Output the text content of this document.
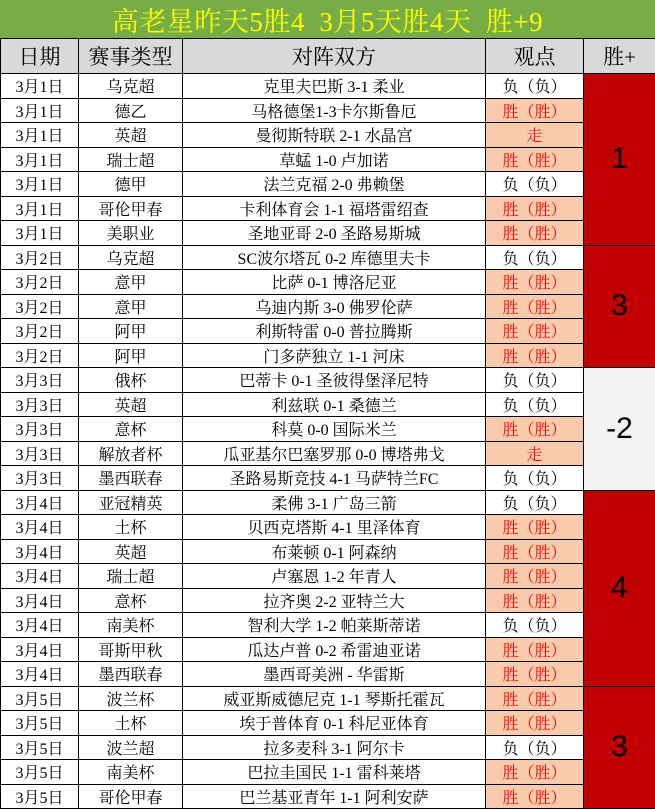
高老星昨天5胜4  3月5天胜4天  胜+9
日期	赛事类型	对阵双方	观点	胜+
3月1日	乌克超	克里夫巴斯 3-1 柔业	负（负）	1
3月1日	德乙	马格德堡1-3卡尔斯鲁厄	胜（胜）	
3月1日	英超	曼彻斯特联 2-1 水晶宫	走	
3月1日	瑞士超	草蜢 1-0 卢加诺	胜（胜）	
3月1日	德甲	法兰克福 2-0 弗赖堡	负（负）	
3月1日	哥伦甲春	卡利体育会 1-1 福塔雷绍查	胜（胜）	
3月1日	美职业	圣地亚哥 2-0 圣路易斯城	胜（胜）	
3月2日	乌克超	SC波尔塔瓦 0-2 库德里夫卡	负（负）	3
3月2日	意甲	比萨 0-1 博洛尼亚	胜（胜）	
3月2日	意甲	乌迪内斯 3-0 佛罗伦萨	胜（胜）	
3月2日	阿甲	利斯特雷 0-0 普拉腾斯	胜（胜）	
3月2日	阿甲	门多萨独立 1-1 河床	胜（胜）	
3月3日	俄杯	巴蒂卡 0-1 圣彼得堡泽尼特	负（负）	-2
3月3日	英超	利兹联 0-1 桑德兰	负（负）	
3月3日	意杯	科莫 0-0 国际米兰	胜（胜）	
3月3日	解放者杯	瓜亚基尔巴塞罗那 0-0 博塔弗戈	走	
3月3日	墨西联春	圣路易斯竞技 4-1 马萨特兰FC	负（负）	
3月4日	亚冠精英	柔佛 3-1 广岛三箭	负（负）	4
3月4日	土杯	贝西克塔斯 4-1 里泽体育	胜（胜）	
3月4日	英超	布莱顿 0-1 阿森纳	胜（胜）	
3月4日	瑞士超	卢塞恩 1-2 年青人	胜（胜）	
3月4日	意杯	拉齐奥 2-2 亚特兰大	胜（胜）	
3月4日	南美杯	智利大学 1-2 帕莱斯蒂诺	负（负）	
3月4日	哥斯甲秋	瓜达卢普 0-2 希雷迪亚诺	胜（胜）	
3月4日	墨西联春	墨西哥美洲 - 华雷斯	胜（胜）	
3月5日	波兰杯	威亚斯威德尼克 1-1 琴斯托霍瓦	胜（胜）	3
3月5日	土杯	埃于普体育 0-1 科尼亚体育	胜（胜）	
3月5日	波兰超	拉多麦科 3-1 阿尔卡	负（负）	
3月5日	南美杯	巴拉圭国民 1-1 雷科莱塔	胜（胜）	
3月5日	哥伦甲春	巴兰基亚青年 1-1 阿利安萨	胜（胜）	
